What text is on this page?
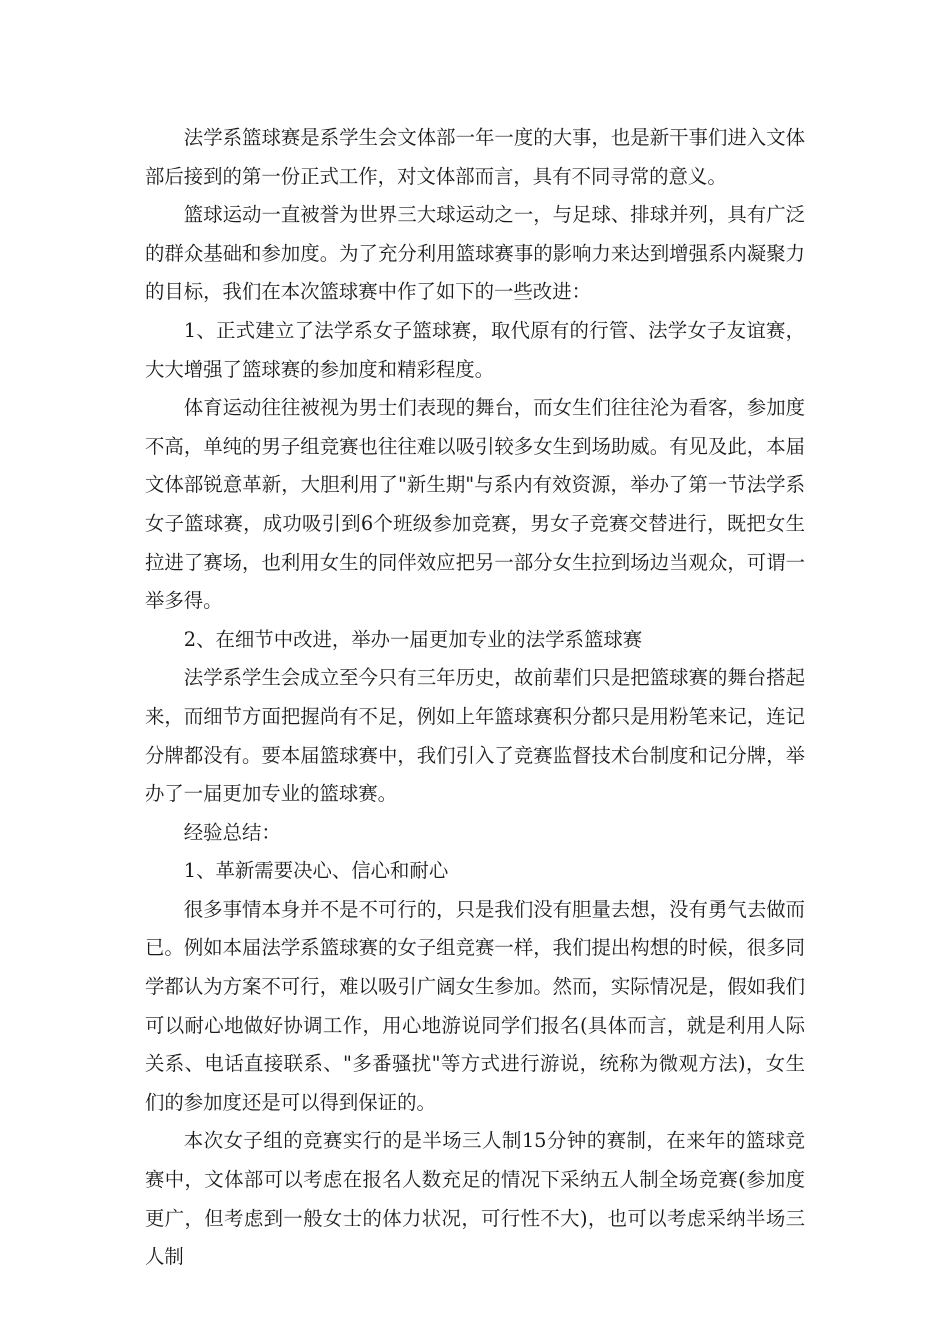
法学系篮球赛是系学生会文体部一年一度的大事，也是新干事们进入文体部后接到的第一份正式工作，对文体部而言，具有不同寻常的意义。

篮球运动一直被誉为世界三大球运动之一，与足球、排球并列，具有广泛的群众基础和参加度。为了充分利用篮球赛事的影响力来达到增强系内凝聚力的目标，我们在本次篮球赛中作了如下的一些改进：

1、正式建立了法学系女子篮球赛，取代原有的行管、法学女子友谊赛，大大增强了篮球赛的参加度和精彩程度。

体育运动往往被视为男士们表现的舞台，而女生们往往沦为看客，参加度不高，单纯的男子组竞赛也往往难以吸引较多女生到场助威。有见及此，本届文体部锐意革新，大胆利用了"新生期"与系内有效资源，举办了第一节法学系女子篮球赛，成功吸引到6个班级参加竞赛，男女子竞赛交替进行，既把女生拉进了赛场，也利用女生的同伴效应把另一部分女生拉到场边当观众，可谓一举多得。

2、在细节中改进，举办一届更加专业的法学系篮球赛

法学系学生会成立至今只有三年历史，故前辈们只是把篮球赛的舞台搭起来，而细节方面把握尚有不足，例如上年篮球赛积分都只是用粉笔来记，连记分牌都没有。要本届篮球赛中，我们引入了竞赛监督技术台制度和记分牌，举办了一届更加专业的篮球赛。

经验总结：

1、革新需要决心、信心和耐心

很多事情本身并不是不可行的，只是我们没有胆量去想，没有勇气去做而已。例如本届法学系篮球赛的女子组竞赛一样，我们提出构想的时候，很多同学都认为方案不可行，难以吸引广阔女生参加。然而，实际情况是，假如我们可以耐心地做好协调工作，用心地游说同学们报名(具体而言，就是利用人际关系、电话直接联系、"多番骚扰"等方式进行游说，统称为微观方法)，女生们的参加度还是可以得到保证的。

本次女子组的竞赛实行的是半场三人制15分钟的赛制，在来年的篮球竞赛中，文体部可以考虑在报名人数充足的情况下采纳五人制全场竞赛(参加度更广，但考虑到一般女士的体力状况，可行性不大)，也可以考虑采纳半场三人制
